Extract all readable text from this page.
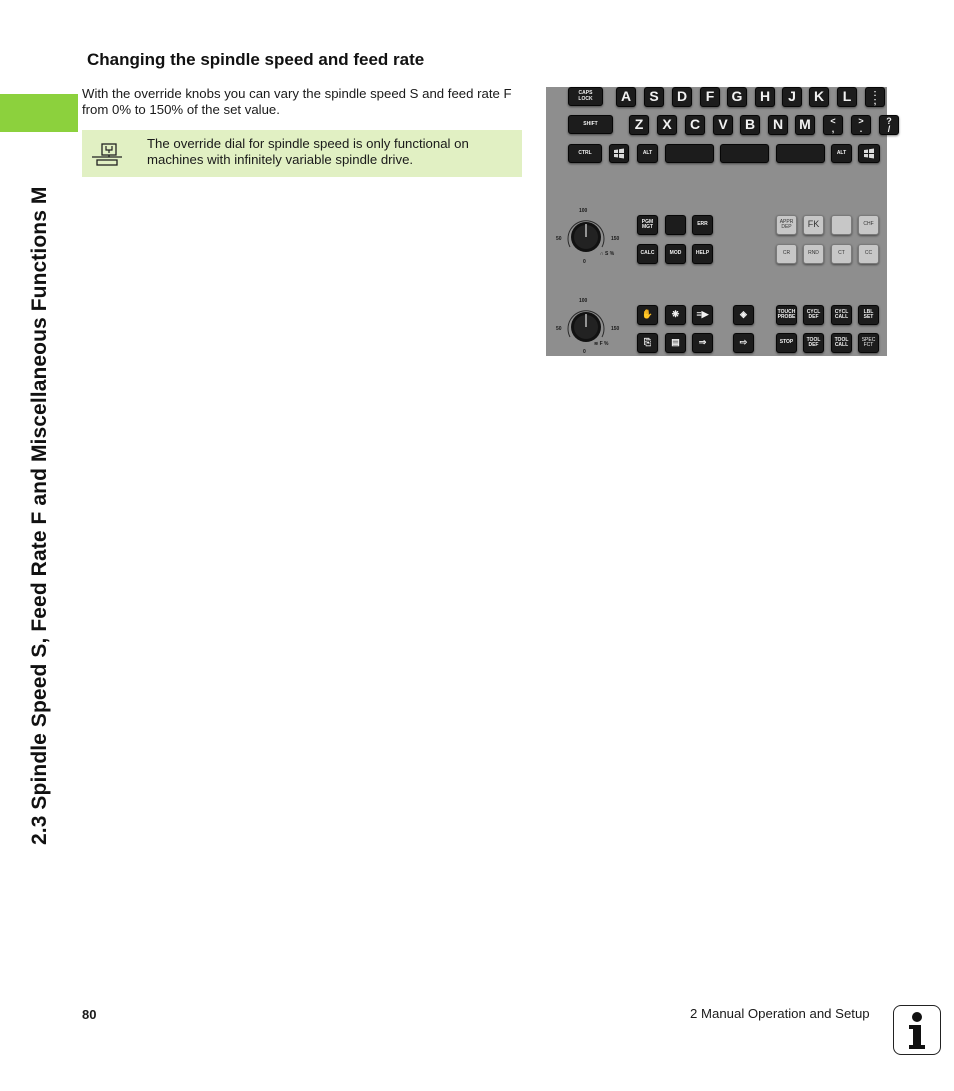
2.3 Spindle Speed S, Feed Rate F and Miscellaneous Functions M
Changing the spindle speed and feed rate
With the override knobs you can vary the spindle speed S and feed rate F from 0% to 150% of the set value.
The override dial for spindle speed is only functional on machines with infinitely variable spindle drive.
CAPS
LOCK	A	S	D	F	G	H	J	K	L	:
;
SHIFT	Z	X	C	V	B	N	M	<
,
>
.
?
/
CTRL	ALT	ALT
100
50	150
0
∩ S %
100
50	150
0
≋ F %
PGM
MGT	ERR
CALC	MOD	HELP
APPR
DEP	FK	CHF
CR	RND	CT	CC
✋ ❋ ≡▶
⎘ ▤ ⇒
◈
⇨
TOUCH
PROBE
CYCL
DEF
CYCL
CALL
LBL
SET
STOP	TOOL
DEF
TOOL
CALL
SPEC
FCT
80	2 Manual Operation and Setup
